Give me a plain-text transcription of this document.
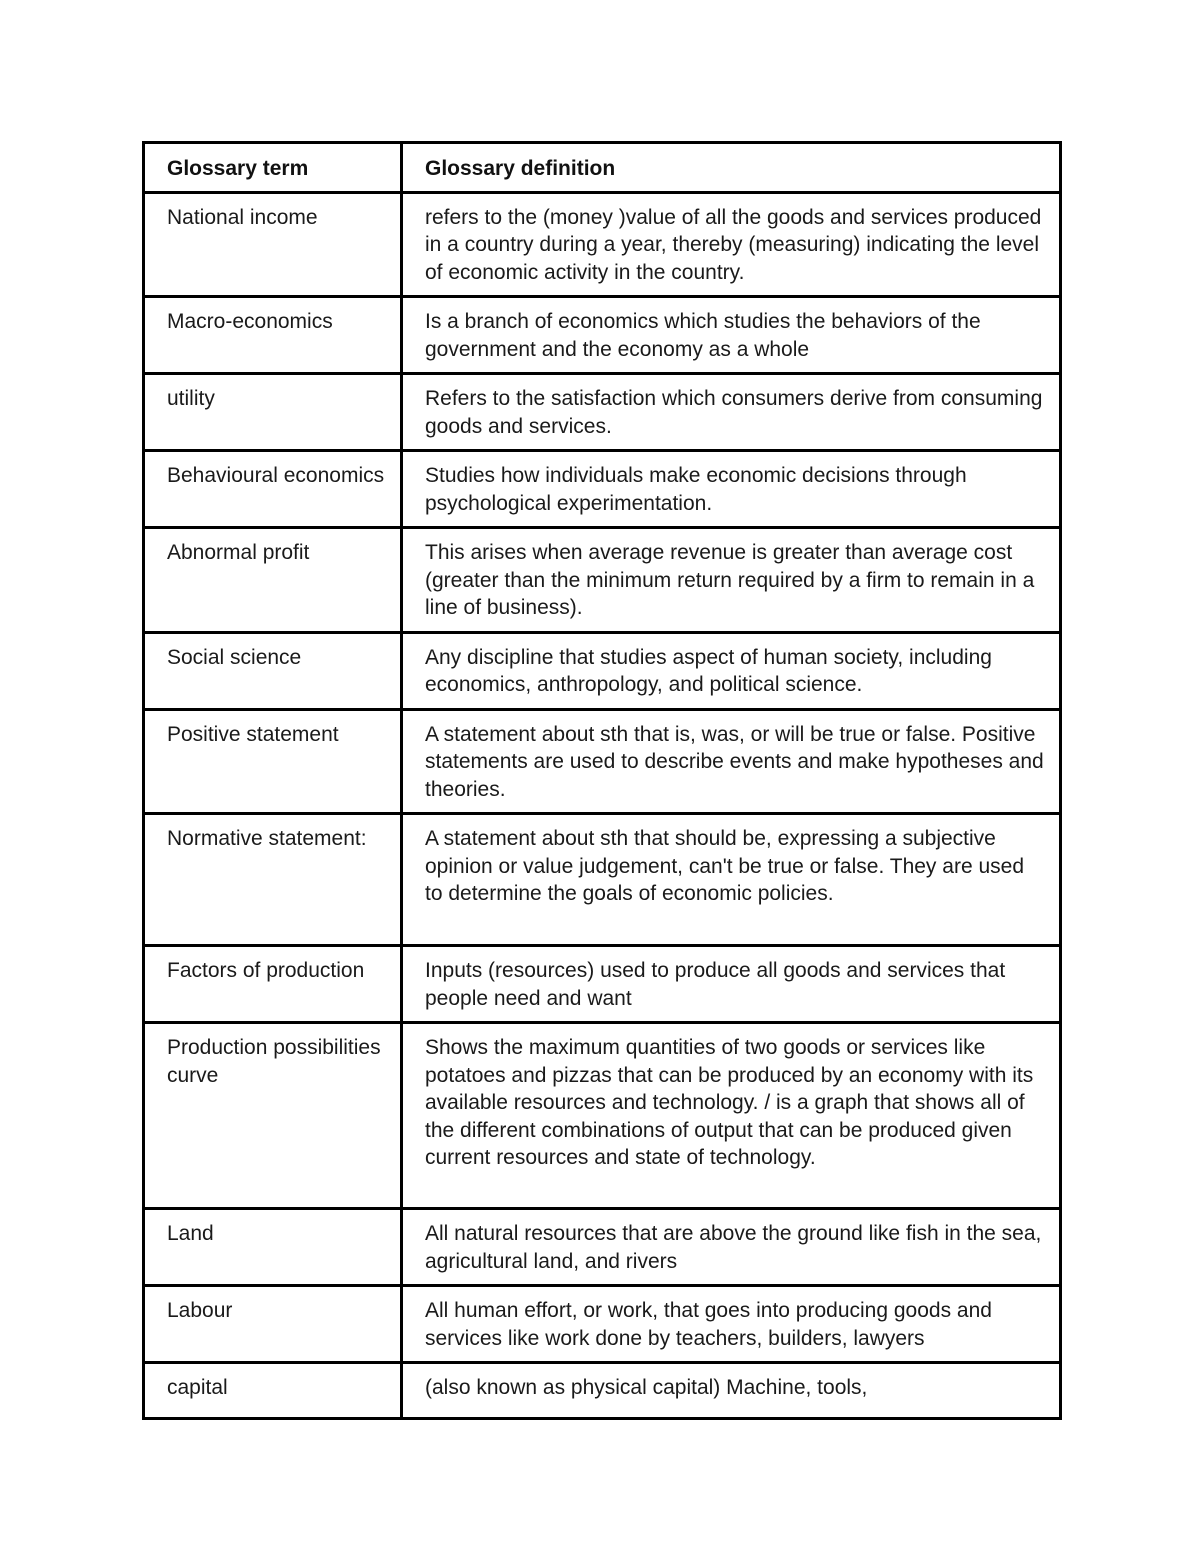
Glossary term	Glossary definition
National income	refers to the (money )value of all the goods and services produced in a country during a year, thereby (measuring) indicating the level of economic activity in the country.
Macro-economics	Is a branch of economics which studies the behaviors of the government and the economy as a whole
utility	Refers to the satisfaction which consumers derive from consuming goods and services.
Behavioural economics	Studies how individuals make economic decisions through psychological experimentation.
Abnormal profit	This arises when average revenue is greater than average cost (greater than the minimum return required by a firm to remain in a line of business).
Social science	Any discipline that studies aspect of human society, including economics, anthropology, and political science.
Positive statement	A statement about sth that is, was, or will be true or false. Positive statements are used to describe events and make hypotheses and theories.
Normative statement:	A statement about sth that should be, expressing a subjective opinion or value judgement, can't be true or false. They are used to determine the goals of economic policies.
Factors of production	Inputs (resources) used to produce all goods and services that people need and want
Production possibilities curve	Shows the maximum quantities of two goods or services like potatoes and pizzas that can be produced by an economy with its available resources and technology. / is a graph that shows all of the different combinations of output that can be produced given current resources and state of technology.
Land	All natural resources that are above the ground like fish in the sea, agricultural land, and rivers
Labour	All human effort, or work, that goes into producing goods and services like work done by teachers, builders, lawyers
capital	(also known as physical capital) Machine, tools,
